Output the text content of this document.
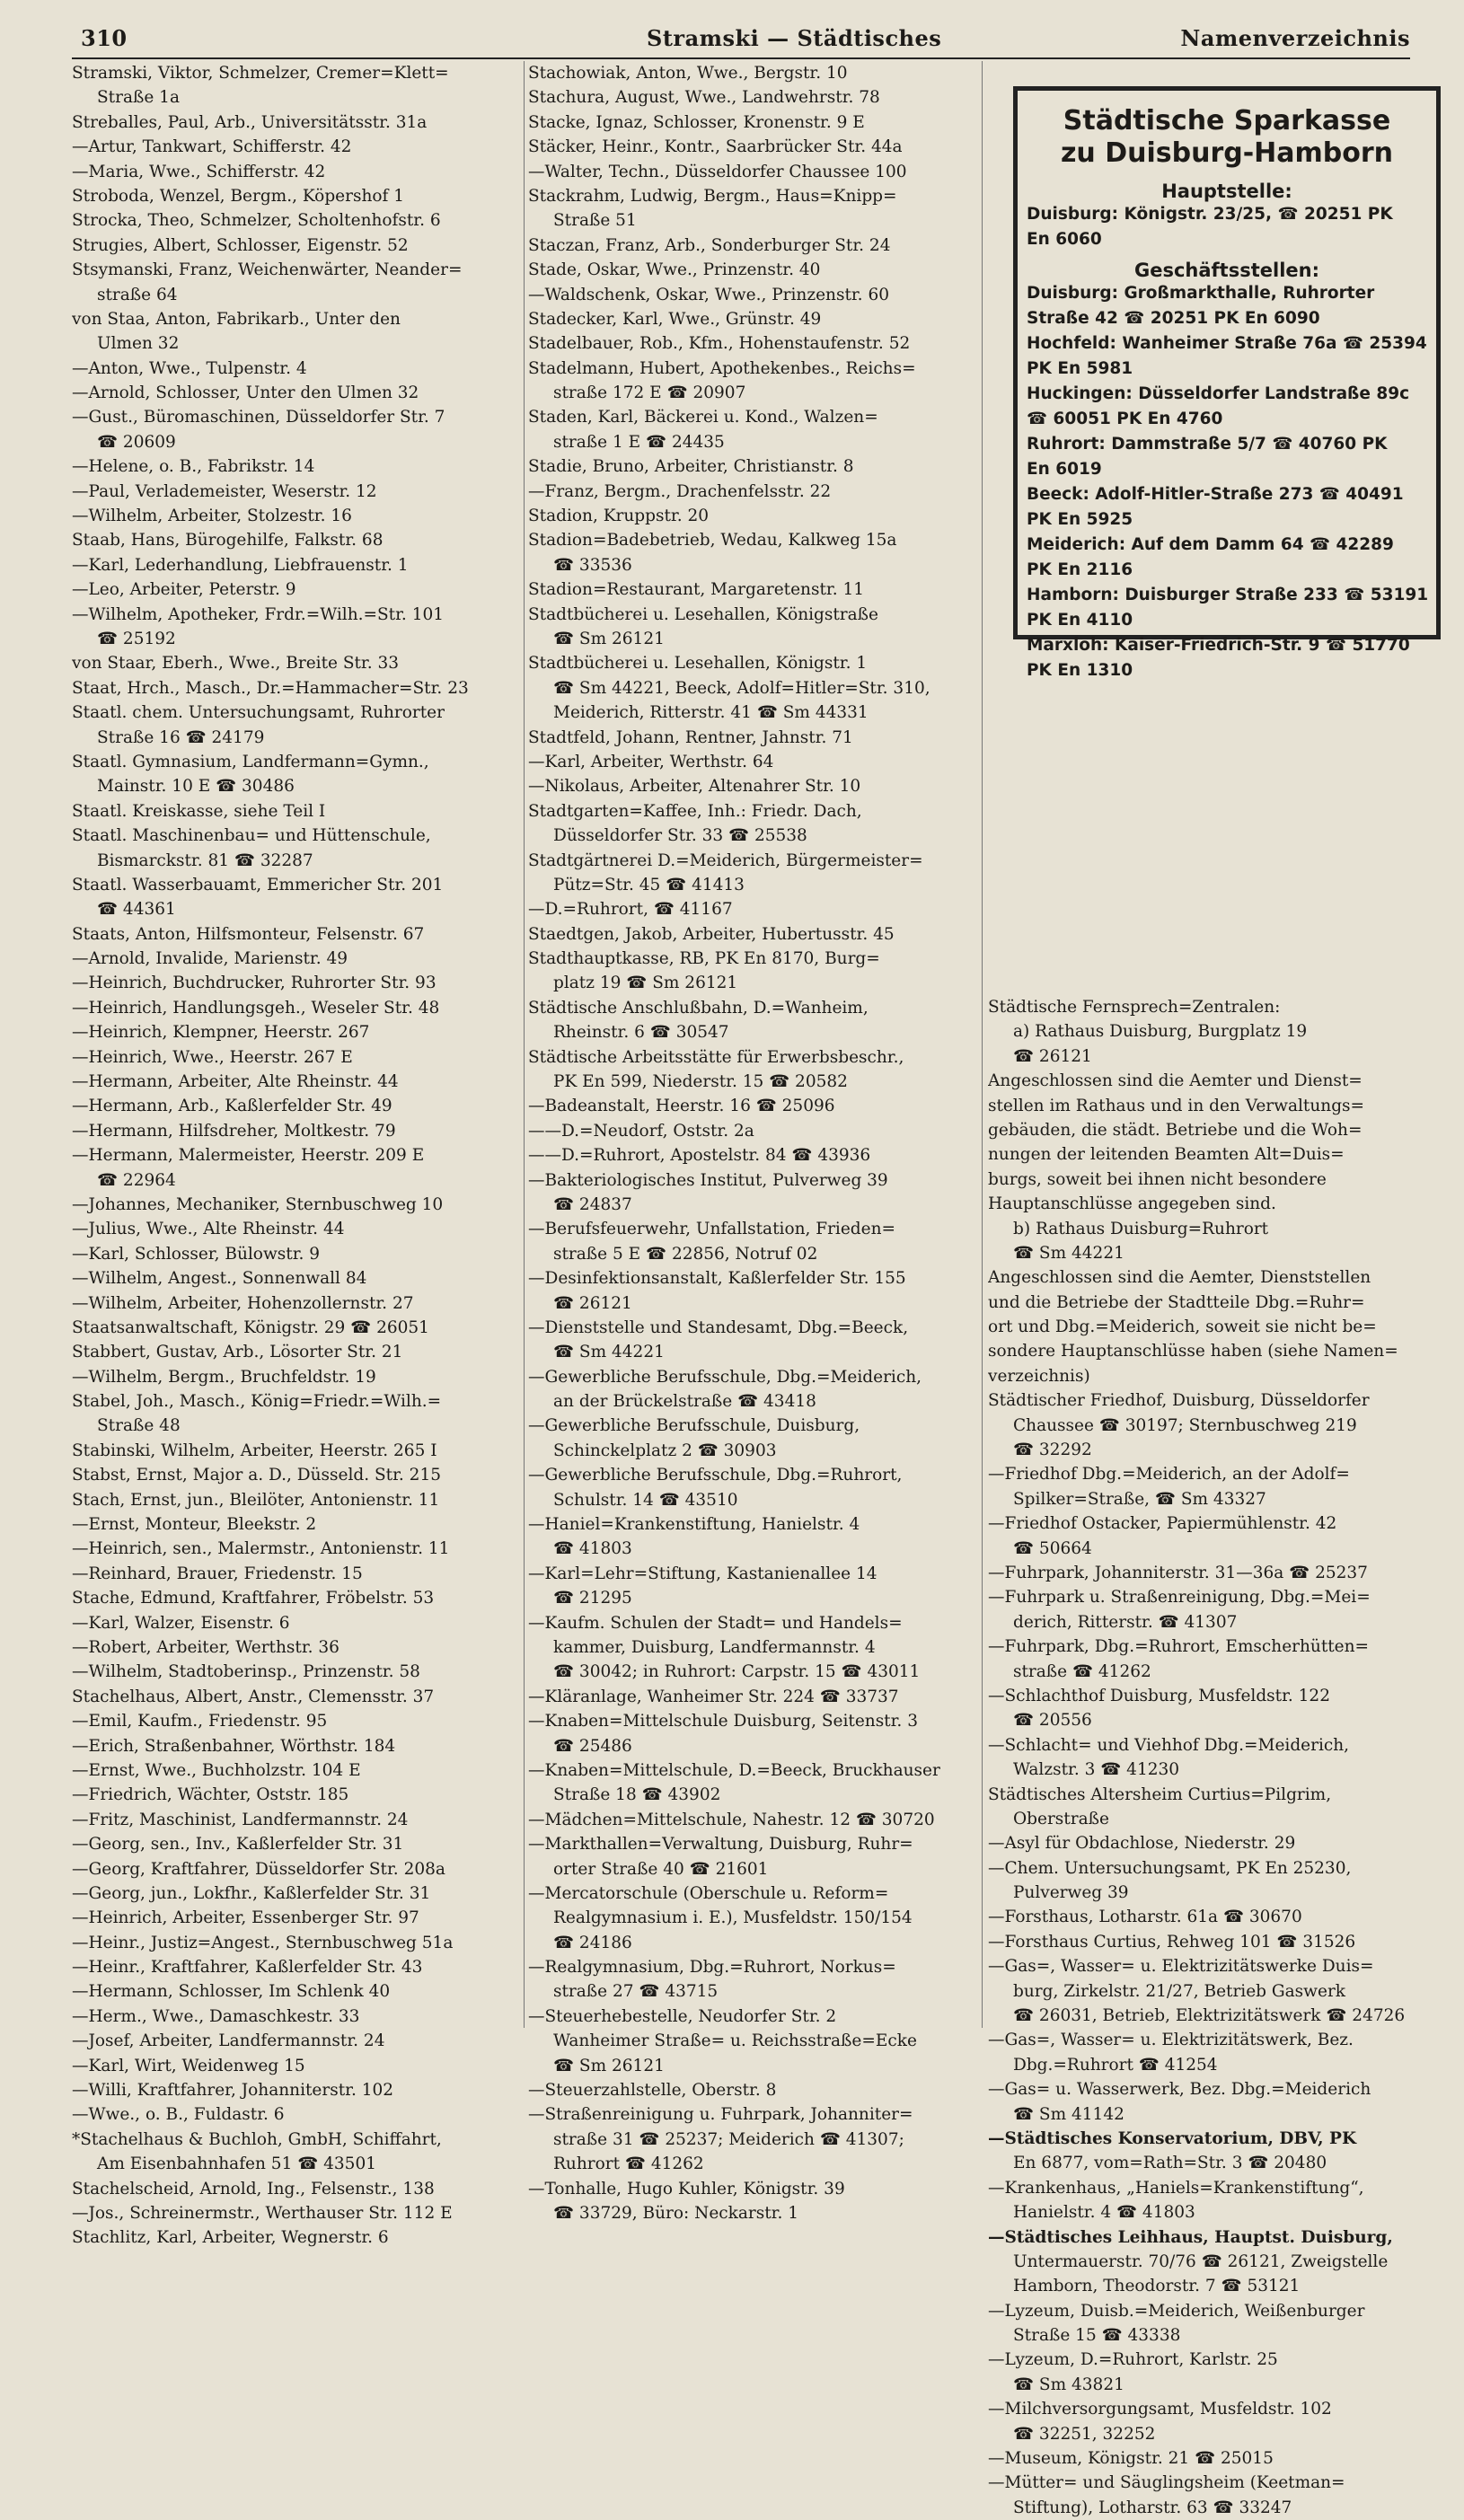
310	Stramski — Städtisches	Namenverzeichnis
Stramski, Viktor, Schmelzer, Cremer=Klett=
Straße 1a
Streballes, Paul, Arb., Universitätsstr. 31a
—Artur, Tankwart, Schifferstr. 42
—Maria, Wwe., Schifferstr. 42
Stroboda, Wenzel, Bergm., Köpershof 1
Strocka, Theo, Schmelzer, Scholtenhofstr. 6
Strugies, Albert, Schlosser, Eigenstr. 52
Stsymanski, Franz, Weichenwärter, Neander=
straße 64
von Staa, Anton, Fabrikarb., Unter den
Ulmen 32
—Anton, Wwe., Tulpenstr. 4
—Arnold, Schlosser, Unter den Ulmen 32
—Gust., Büromaschinen, Düsseldorfer Str. 7
☎ 20609
—Helene, o. B., Fabrikstr. 14
—Paul, Verlademeister, Weserstr. 12
—Wilhelm, Arbeiter, Stolzestr. 16
Staab, Hans, Bürogehilfe, Falkstr. 68
—Karl, Lederhandlung, Liebfrauenstr. 1
—Leo, Arbeiter, Peterstr. 9
—Wilhelm, Apotheker, Frdr.=Wilh.=Str. 101
☎ 25192
von Staar, Eberh., Wwe., Breite Str. 33
Staat, Hrch., Masch., Dr.=Hammacher=Str. 23
Staatl. chem. Untersuchungsamt, Ruhrorter
Straße 16 ☎ 24179
Staatl. Gymnasium, Landfermann=Gymn.,
Mainstr. 10 E ☎ 30486
Staatl. Kreiskasse, siehe Teil I
Staatl. Maschinenbau= und Hüttenschule,
Bismarckstr. 81 ☎ 32287
Staatl. Wasserbauamt, Emmericher Str. 201
☎ 44361
Staats, Anton, Hilfsmonteur, Felsenstr. 67
—Arnold, Invalide, Marienstr. 49
—Heinrich, Buchdrucker, Ruhrorter Str. 93
—Heinrich, Handlungsgeh., Weseler Str. 48
—Heinrich, Klempner, Heerstr. 267
—Heinrich, Wwe., Heerstr. 267 E
—Hermann, Arbeiter, Alte Rheinstr. 44
—Hermann, Arb., Kaßlerfelder Str. 49
—Hermann, Hilfsdreher, Moltkestr. 79
—Hermann, Malermeister, Heerstr. 209 E
☎ 22964
—Johannes, Mechaniker, Sternbuschweg 10
—Julius, Wwe., Alte Rheinstr. 44
—Karl, Schlosser, Bülowstr. 9
—Wilhelm, Angest., Sonnenwall 84
—Wilhelm, Arbeiter, Hohenzollernstr. 27
Staatsanwaltschaft, Königstr. 29 ☎ 26051
Stabbert, Gustav, Arb., Lösorter Str. 21
—Wilhelm, Bergm., Bruchfeldstr. 19
Stabel, Joh., Masch., König=Friedr.=Wilh.=
Straße 48
Stabinski, Wilhelm, Arbeiter, Heerstr. 265 I
Stabst, Ernst, Major a. D., Düsseld. Str. 215
Stach, Ernst, jun., Bleilöter, Antonienstr. 11
—Ernst, Monteur, Bleekstr. 2
—Heinrich, sen., Malermstr., Antonienstr. 11
—Reinhard, Brauer, Friedenstr. 15
Stache, Edmund, Kraftfahrer, Fröbelstr. 53
—Karl, Walzer, Eisenstr. 6
—Robert, Arbeiter, Werthstr. 36
—Wilhelm, Stadtoberinsp., Prinzenstr. 58
Stachelhaus, Albert, Anstr., Clemensstr. 37
—Emil, Kaufm., Friedenstr. 95
—Erich, Straßenbahner, Wörthstr. 184
—Ernst, Wwe., Buchholzstr. 104 E
—Friedrich, Wächter, Oststr. 185
—Fritz, Maschinist, Landfermannstr. 24
—Georg, sen., Inv., Kaßlerfelder Str. 31
—Georg, Kraftfahrer, Düsseldorfer Str. 208a
—Georg, jun., Lokfhr., Kaßlerfelder Str. 31
—Heinrich, Arbeiter, Essenberger Str. 97
—Heinr., Justiz=Angest., Sternbuschweg 51a
—Heinr., Kraftfahrer, Kaßlerfelder Str. 43
—Hermann, Schlosser, Im Schlenk 40
—Herm., Wwe., Damaschkestr. 33
—Josef, Arbeiter, Landfermannstr. 24
—Karl, Wirt, Weidenweg 15
—Willi, Kraftfahrer, Johanniterstr. 102
—Wwe., o. B., Fuldastr. 6
*Stachelhaus & Buchloh, GmbH, Schiffahrt,
Am Eisenbahnhafen 51 ☎ 43501
Stachelscheid, Arnold, Ing., Felsenstr., 138
—Jos., Schreinermstr., Werthauser Str. 112 E
Stachlitz, Karl, Arbeiter, Wegnerstr. 6
Stachowiak, Anton, Wwe., Bergstr. 10
Stachura, August, Wwe., Landwehrstr. 78
Stacke, Ignaz, Schlosser, Kronenstr. 9 E
Stäcker, Heinr., Kontr., Saarbrücker Str. 44a
—Walter, Techn., Düsseldorfer Chaussee 100
Stackrahm, Ludwig, Bergm., Haus=Knipp=
Straße 51
Staczan, Franz, Arb., Sonderburger Str. 24
Stade, Oskar, Wwe., Prinzenstr. 40
—Waldschenk, Oskar, Wwe., Prinzenstr. 60
Stadecker, Karl, Wwe., Grünstr. 49
Stadelbauer, Rob., Kfm., Hohenstaufenstr. 52
Stadelmann, Hubert, Apothekenbes., Reichs=
straße 172 E ☎ 20907
Staden, Karl, Bäckerei u. Kond., Walzen=
straße 1 E ☎ 24435
Stadie, Bruno, Arbeiter, Christianstr. 8
—Franz, Bergm., Drachenfelsstr. 22
Stadion, Kruppstr. 20
Stadion=Badebetrieb, Wedau, Kalkweg 15a
☎ 33536
Stadion=Restaurant, Margaretenstr. 11
Stadtbücherei u. Lesehallen, Königstraße
☎ Sm 26121
Stadtbücherei u. Lesehallen, Königstr. 1
☎ Sm 44221, Beeck, Adolf=Hitler=Str. 310,
Meiderich, Ritterstr. 41 ☎ Sm 44331
Stadtfeld, Johann, Rentner, Jahnstr. 71
—Karl, Arbeiter, Werthstr. 64
—Nikolaus, Arbeiter, Altenahrer Str. 10
Stadtgarten=Kaffee, Inh.: Friedr. Dach,
Düsseldorfer Str. 33 ☎ 25538
Stadtgärtnerei D.=Meiderich, Bürgermeister=
Pütz=Str. 45 ☎ 41413
—D.=Ruhrort, ☎ 41167
Staedtgen, Jakob, Arbeiter, Hubertusstr. 45
Stadthauptkasse, RB, PK En 8170, Burg=
platz 19 ☎ Sm 26121
Städtische Anschlußbahn, D.=Wanheim,
Rheinstr. 6 ☎ 30547
Städtische Arbeitsstätte für Erwerbsbeschr.,
PK En 599, Niederstr. 15 ☎ 20582
—Badeanstalt, Heerstr. 16 ☎ 25096
——D.=Neudorf, Oststr. 2a
——D.=Ruhrort, Apostelstr. 84 ☎ 43936
—Bakteriologisches Institut, Pulverweg 39
☎ 24837
—Berufsfeuerwehr, Unfallstation, Frieden=
straße 5 E ☎ 22856, Notruf 02
—Desinfektionsanstalt, Kaßlerfelder Str. 155
☎ 26121
—Dienststelle und Standesamt, Dbg.=Beeck,
☎ Sm 44221
—Gewerbliche Berufsschule, Dbg.=Meiderich,
an der Brückelstraße ☎ 43418
—Gewerbliche Berufsschule, Duisburg,
Schinckelplatz 2 ☎ 30903
—Gewerbliche Berufsschule, Dbg.=Ruhrort,
Schulstr. 14 ☎ 43510
—Haniel=Krankenstiftung, Hanielstr. 4
☎ 41803
—Karl=Lehr=Stiftung, Kastanienallee 14
☎ 21295
—Kaufm. Schulen der Stadt= und Handels=
kammer, Duisburg, Landfermannstr. 4
☎ 30042; in Ruhrort: Carpstr. 15 ☎ 43011
—Kläranlage, Wanheimer Str. 224 ☎ 33737
—Knaben=Mittelschule Duisburg, Seitenstr. 3
☎ 25486
—Knaben=Mittelschule, D.=Beeck, Bruckhauser
Straße 18 ☎ 43902
—Mädchen=Mittelschule, Nahestr. 12 ☎ 30720
—Markthallen=Verwaltung, Duisburg, Ruhr=
orter Straße 40 ☎ 21601
—Mercatorschule (Oberschule u. Reform=
Realgymnasium i. E.), Musfeldstr. 150/154
☎ 24186
—Realgymnasium, Dbg.=Ruhrort, Norkus=
straße 27 ☎ 43715
—Steuerhebestelle, Neudorfer Str. 2
Wanheimer Straße= u. Reichsstraße=Ecke
☎ Sm 26121
—Steuerzahlstelle, Oberstr. 8
—Straßenreinigung u. Fuhrpark, Johanniter=
straße 31 ☎ 25237; Meiderich ☎ 41307;
Ruhrort ☎ 41262
—Tonhalle, Hugo Kuhler, Königstr. 39
☎ 33729, Büro: Neckarstr. 1
Städtische Sparkasse
zu Duisburg-Hamborn
Hauptstelle:
Duisburg: Königstr. 23/25, ☎ 20251 PK
En 6060
Geschäftsstellen:
Duisburg: Großmarkthalle, Ruhrorter
Straße 42 ☎ 20251 PK En 6090
Hochfeld: Wanheimer Straße 76a ☎ 25394
PK En 5981
Huckingen: Düsseldorfer Landstraße 89c
☎ 60051 PK En 4760
Ruhrort: Dammstraße 5/7 ☎ 40760 PK
En 6019
Beeck: Adolf-Hitler-Straße 273 ☎ 40491
PK En 5925
Meiderich: Auf dem Damm 64 ☎ 42289
PK En 2116
Hamborn: Duisburger Straße 233 ☎ 53191
PK En 4110
Marxloh: Kaiser-Friedrich-Str. 9 ☎ 51770
PK En 1310
Städtische Fernsprech=Zentralen:
a) Rathaus Duisburg, Burgplatz 19
☎ 26121
Angeschlossen sind die Aemter und Dienst=
stellen im Rathaus und in den Verwaltungs=
gebäuden, die städt. Betriebe und die Woh=
nungen der leitenden Beamten Alt=Duis=
burgs, soweit bei ihnen nicht besondere
Hauptanschlüsse angegeben sind.
b) Rathaus Duisburg=Ruhrort
☎ Sm 44221
Angeschlossen sind die Aemter, Dienststellen
und die Betriebe der Stadtteile Dbg.=Ruhr=
ort und Dbg.=Meiderich, soweit sie nicht be=
sondere Hauptanschlüsse haben (siehe Namen=
verzeichnis)
Städtischer Friedhof, Duisburg, Düsseldorfer
Chaussee ☎ 30197; Sternbuschweg 219
☎ 32292
—Friedhof Dbg.=Meiderich, an der Adolf=
Spilker=Straße, ☎ Sm 43327
—Friedhof Ostacker, Papiermühlenstr. 42
☎ 50664
—Fuhrpark, Johanniterstr. 31—36a ☎ 25237
—Fuhrpark u. Straßenreinigung, Dbg.=Mei=
derich, Ritterstr. ☎ 41307
—Fuhrpark, Dbg.=Ruhrort, Emscherhütten=
straße ☎ 41262
—Schlachthof Duisburg, Musfeldstr. 122
☎ 20556
—Schlacht= und Viehhof Dbg.=Meiderich,
Walzstr. 3 ☎ 41230
Städtisches Altersheim Curtius=Pilgrim,
Oberstraße
—Asyl für Obdachlose, Niederstr. 29
—Chem. Untersuchungsamt, PK En 25230,
Pulverweg 39
—Forsthaus, Lotharstr. 61a ☎ 30670
—Forsthaus Curtius, Rehweg 101 ☎ 31526
—Gas=, Wasser= u. Elektrizitätswerke Duis=
burg, Zirkelstr. 21/27, Betrieb Gaswerk
☎ 26031, Betrieb, Elektrizitätswerk ☎ 24726
—Gas=, Wasser= u. Elektrizitätswerk, Bez.
Dbg.=Ruhrort ☎ 41254
—Gas= u. Wasserwerk, Bez. Dbg.=Meiderich
☎ Sm 41142
—Städtisches Konservatorium, DBV, PK
En 6877, vom=Rath=Str. 3 ☎ 20480
—Krankenhaus, „Haniels=Krankenstiftung“,
Hanielstr. 4 ☎ 41803
—Städtisches Leihhaus, Hauptst. Duisburg,
Untermauerstr. 70/76 ☎ 26121, Zweigstelle
Hamborn, Theodorstr. 7 ☎ 53121
—Lyzeum, Duisb.=Meiderich, Weißenburger
Straße 15 ☎ 43338
—Lyzeum, D.=Ruhrort, Karlstr. 25
☎ Sm 43821
—Milchversorgungsamt, Musfeldstr. 102
☎ 32251, 32252
—Museum, Königstr. 21 ☎ 25015
—Mütter= und Säuglingsheim (Keetman=
Stiftung), Lotharstr. 63 ☎ 33247
